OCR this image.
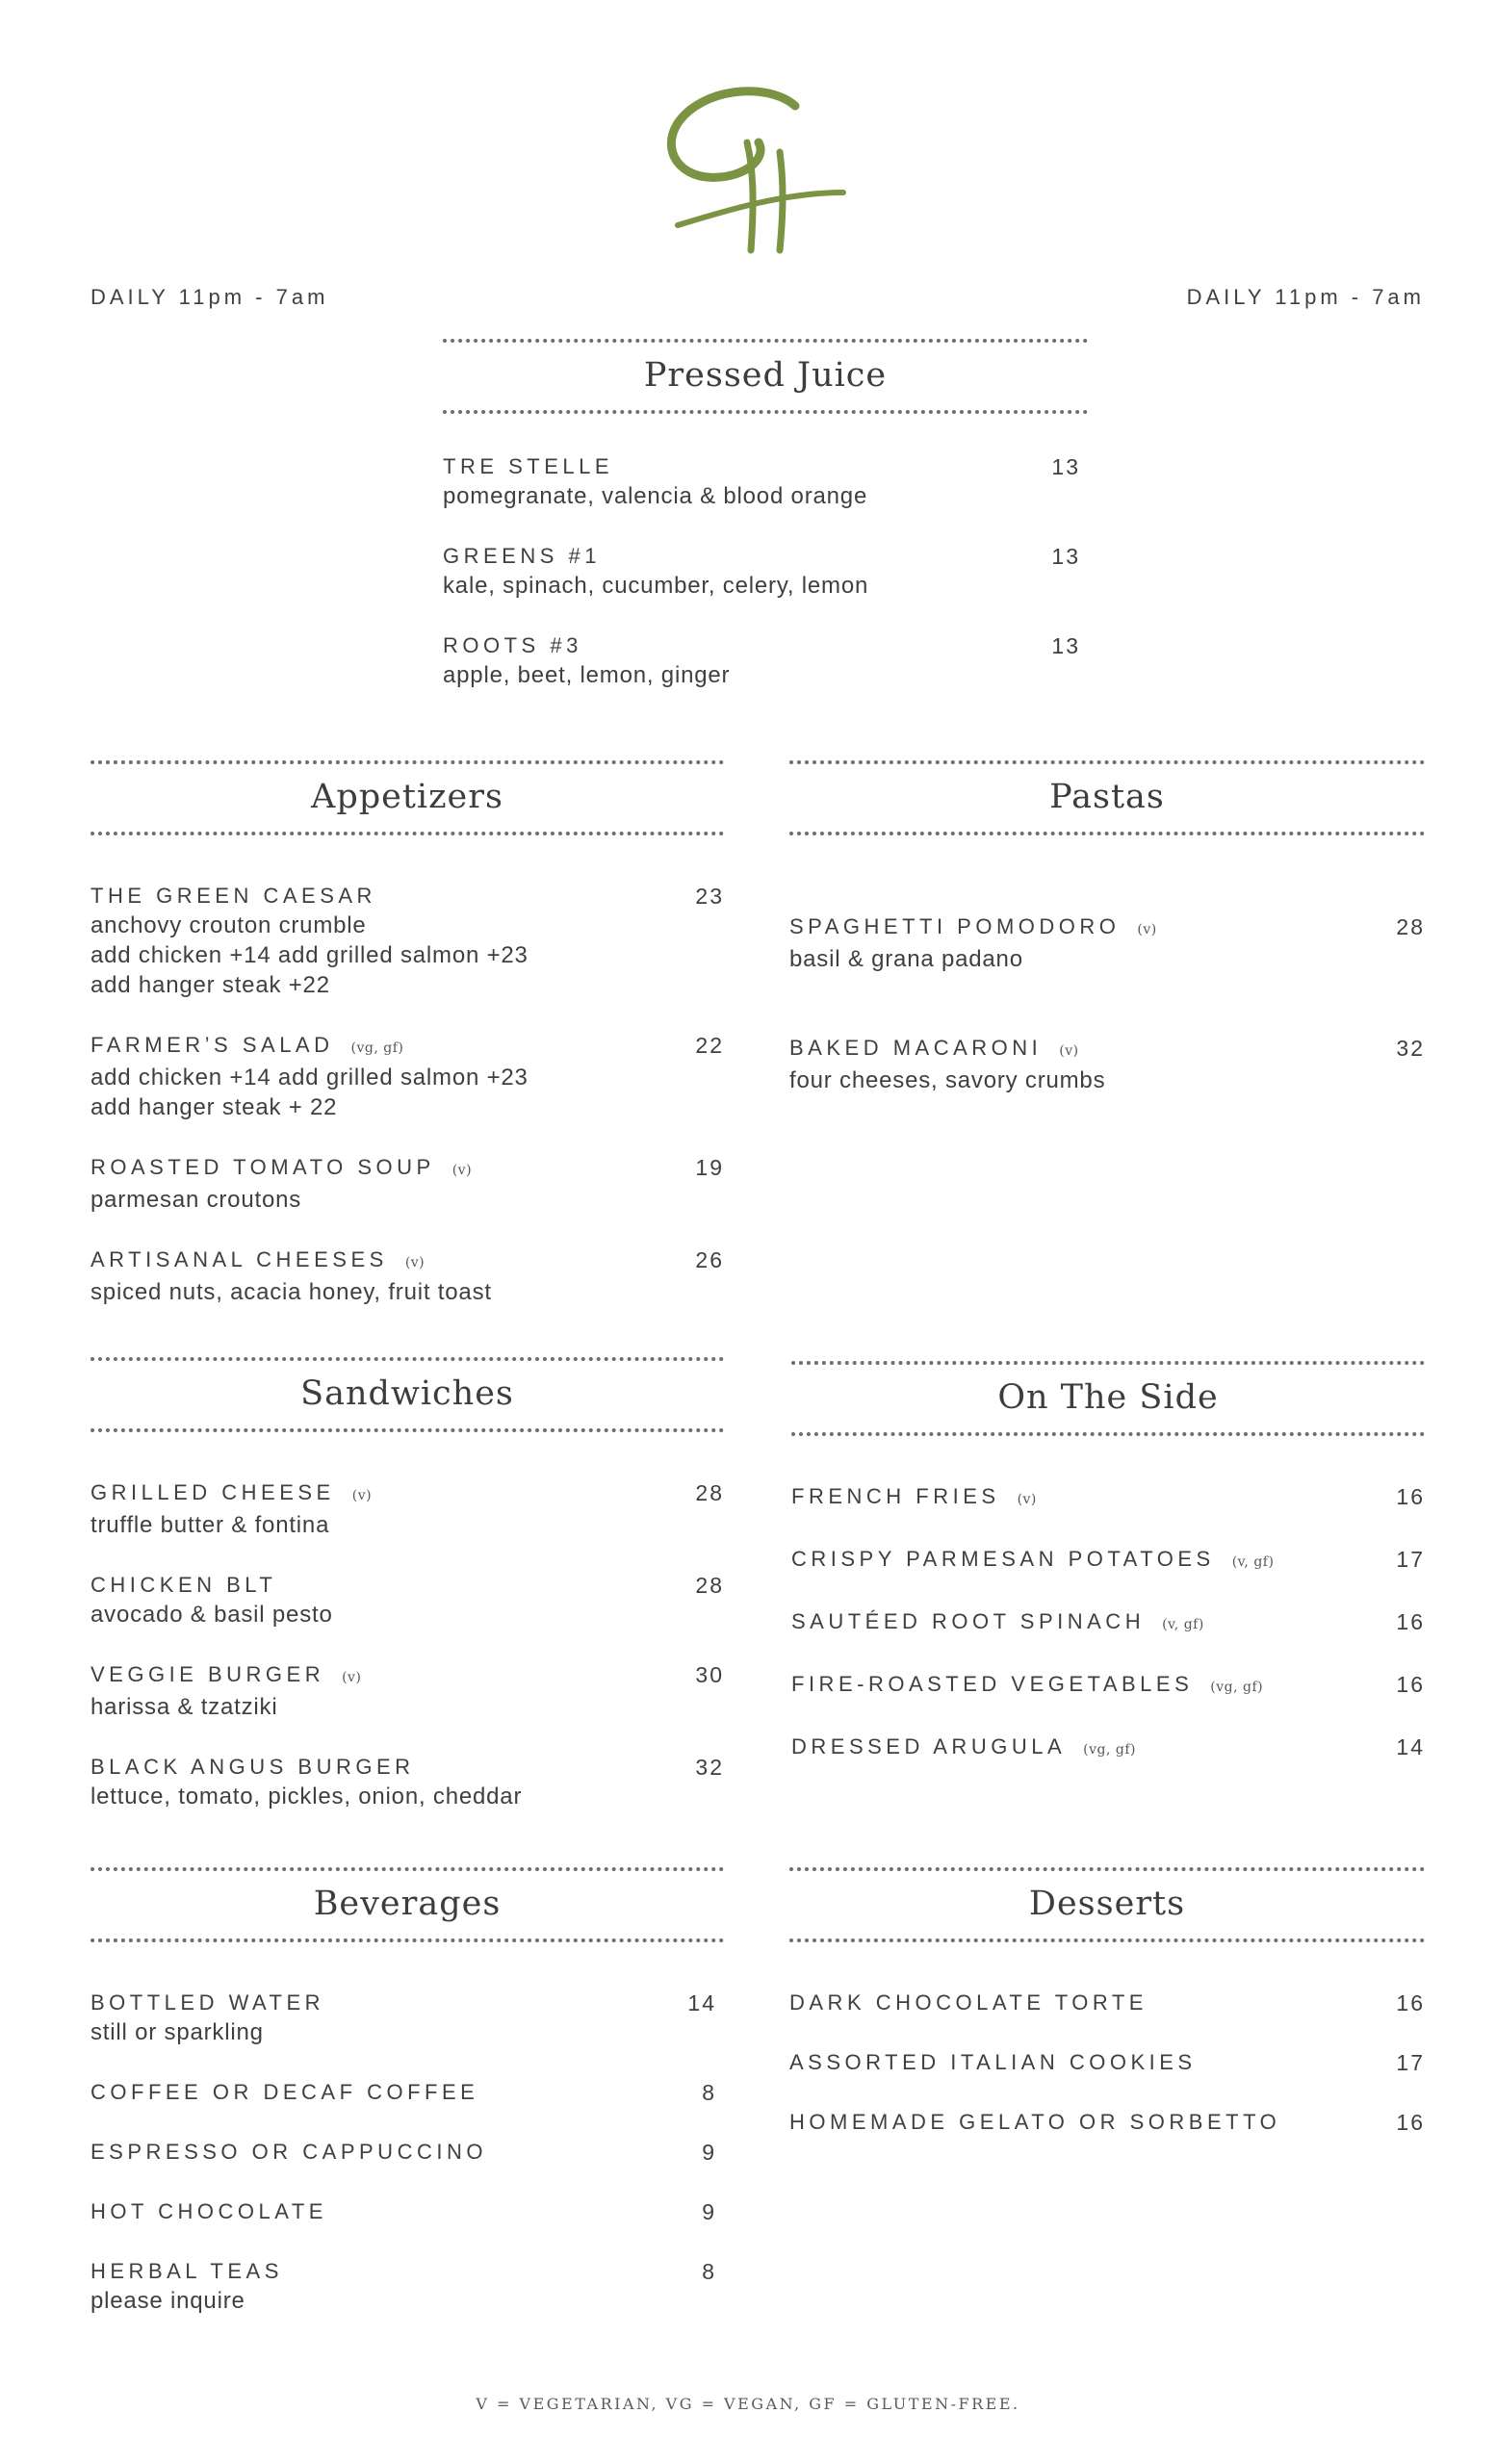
DAILY 11pm - 7am	DAILY 11pm - 7am
Pressed Juice
TRE STELLE	13
pomegranate, valencia & blood orange
GREENS #1	13
kale, spinach, cucumber, celery, lemon
ROOTS #3	13
apple, beet, lemon, ginger
Appetizers
THE GREEN CAESAR	23
anchovy crouton crumble
add chicken +14 add grilled salmon +23
add hanger steak +22
FARMER’S SALAD (vg, gf)	22
add chicken +14 add grilled salmon +23
add hanger steak + 22
ROASTED TOMATO SOUP (v)	19
parmesan croutons
ARTISANAL CHEESES (v)	26
spiced nuts, acacia honey, fruit toast
Pastas
SPAGHETTI POMODORO (v)	28
basil & grana padano
BAKED MACARONI (v)	32
four cheeses, savory crumbs
Sandwiches
GRILLED CHEESE (v)	28
truffle butter & fontina
CHICKEN BLT	28
avocado & basil pesto
VEGGIE BURGER (v)	30
harissa & tzatziki
BLACK ANGUS BURGER	32
lettuce, tomato, pickles, onion, cheddar
On The Side
FRENCH FRIES (v)	16
CRISPY PARMESAN POTATOES (v, gf)	17
SAUTÉED ROOT SPINACH (v, gf)	16
FIRE-ROASTED VEGETABLES (vg, gf)	16
DRESSED ARUGULA (vg, gf)	14
Beverages
BOTTLED WATER	14
still or sparkling
COFFEE OR DECAF COFFEE	8
ESPRESSO OR CAPPUCCINO	9
HOT CHOCOLATE	9
HERBAL TEAS	8
please inquire
Desserts
DARK CHOCOLATE TORTE	16
ASSORTED ITALIAN COOKIES	17
HOMEMADE GELATO OR SORBETTO	16
V = VEGETARIAN, VG = VEGAN, GF = GLUTEN-FREE.
